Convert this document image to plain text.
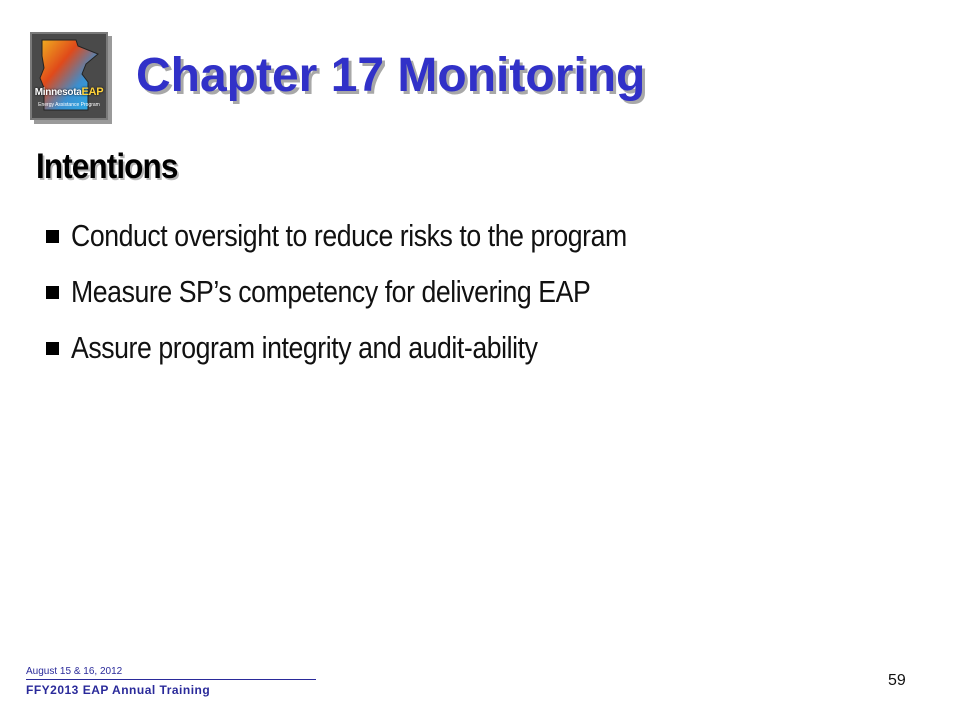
MinnesotaEAP
Energy Assistance Program
Chapter 17 Monitoring
Intentions
Conduct oversight to reduce risks to the program
Measure SP’s competency for delivering EAP
Assure program integrity and audit-ability
August 15 & 16, 2012
FFY2013 EAP Annual Training
59
